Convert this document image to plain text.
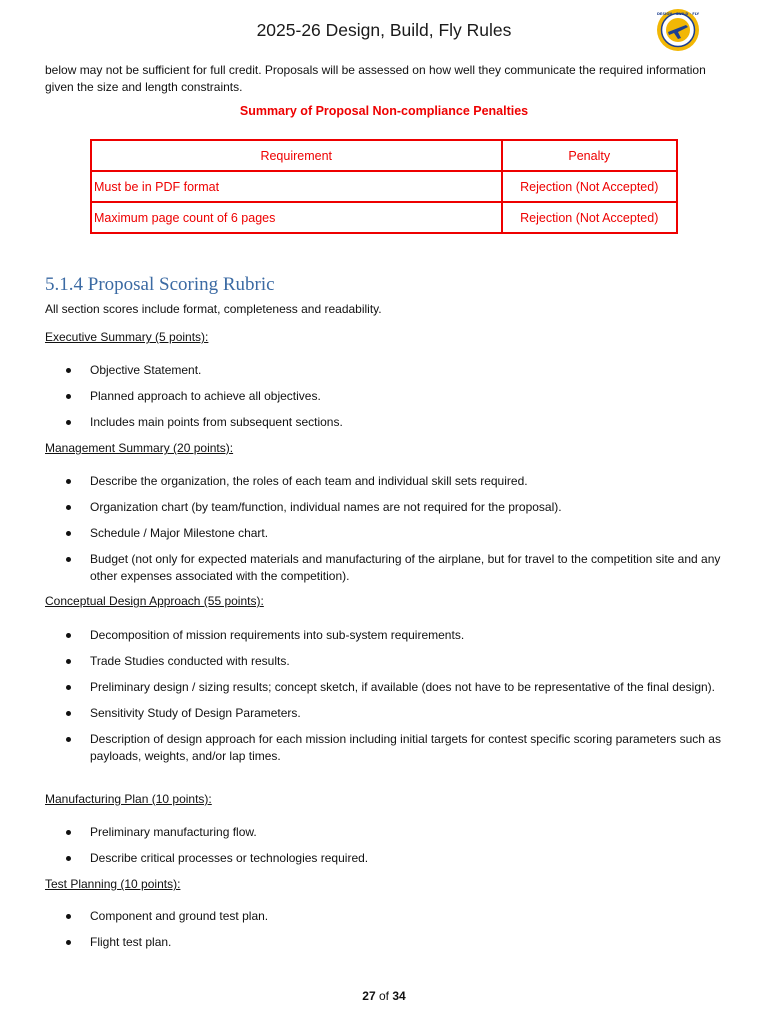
2025-26 Design, Build, Fly Rules
DESIGN · BUILD · FLY
below may not be sufficient for full credit. Proposals will be assessed on how well they communicate the required information given the size and length constraints.
Summary of Proposal Non-compliance Penalties
Requirement	Penalty
Must be in PDF format	Rejection (Not Accepted)
Maximum page count of 6 pages	Rejection (Not Accepted)
5.1.4 Proposal Scoring Rubric
All section scores include format, completeness and readability.
Executive Summary (5 points):
Objective Statement.
Planned approach to achieve all objectives.
Includes main points from subsequent sections.
Management Summary (20 points):
Describe the organization, the roles of each team and individual skill sets required.
Organization chart (by team/function, individual names are not required for the proposal).
Schedule / Major Milestone chart.
Budget (not only for expected materials and manufacturing of the airplane, but for travel to the competition site and any other expenses associated with the competition).
Conceptual Design Approach (55 points):
Decomposition of mission requirements into sub-system requirements.
Trade Studies conducted with results.
Preliminary design / sizing results; concept sketch, if available (does not have to be representative of the final design).
Sensitivity Study of Design Parameters.
Description of design approach for each mission including initial targets for contest specific scoring parameters such as payloads, weights, and/or lap times.
Manufacturing Plan (10 points):
Preliminary manufacturing flow.
Describe critical processes or technologies required.
Test Planning (10 points):
Component and ground test plan.
Flight test plan.
27 of 34
